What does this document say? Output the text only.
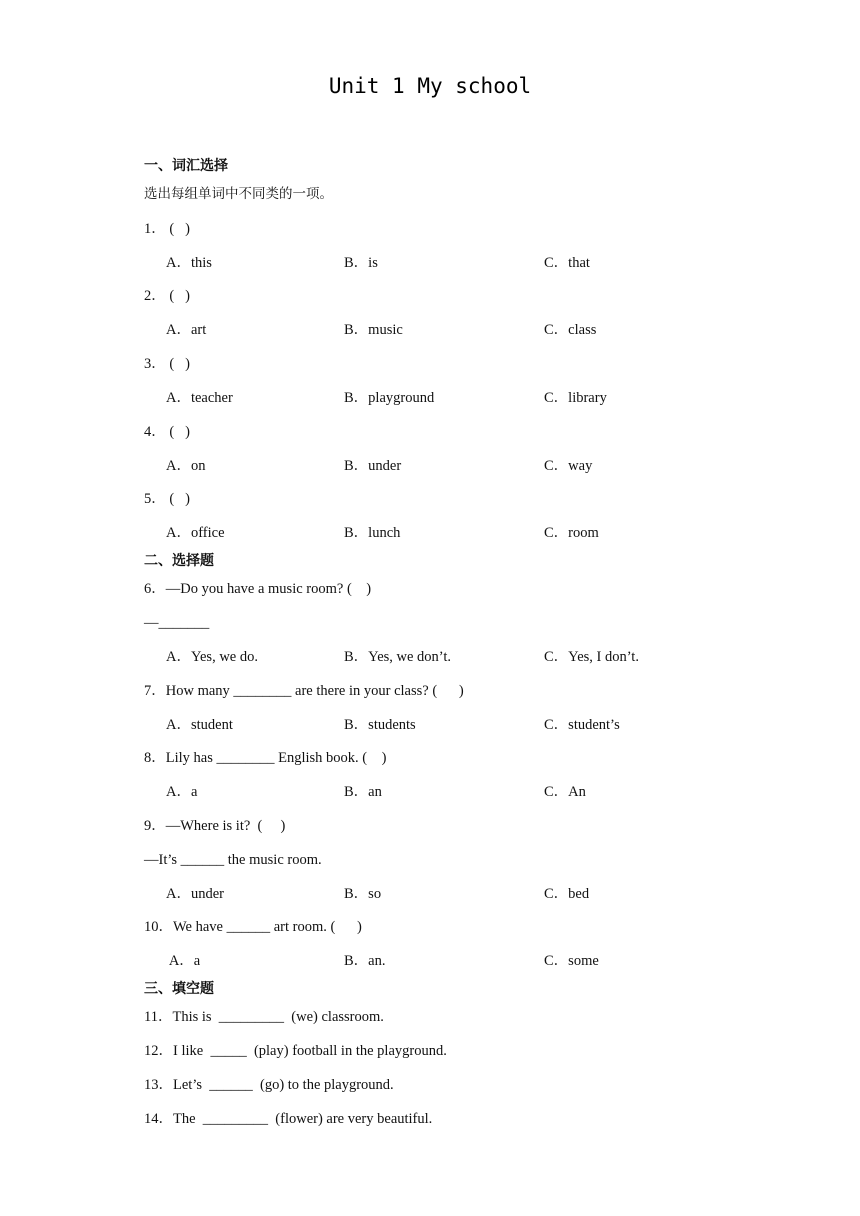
Unit 1 My school
一、词汇选择
选出每组单词中不同类的一项。
1． (   )
A．this	B．is	C．that
2． (   )
A．art	B．music	C．class
3． (   )
A．teacher	B．playground	C．library
4． (   )
A．on	B．under	C．way
5． (   )
A．office	B．lunch	C．room
二、选择题
6．—Do you have a music room? (    )
—_______
A．Yes, we do.	B．Yes, we don’t.	C．Yes, I don’t.
7．How many ________ are there in your class? (      )
A．student	B．students	C．student’s
8．Lily has ________ English book. (    )
A．a	B．an	C．An
9．—Where is it?  (     )
—It’s ______ the music room.
A．under	B．so	C．bed
10．We have ______ art room. (      )
A．a	B．an.	C．some
三、填空题
11．This is  _________  (we) classroom.
12．I like  _____  (play) football in the playground.
13．Let’s  ______  (go) to the playground.
14．The  _________  (flower) are very beautiful.
